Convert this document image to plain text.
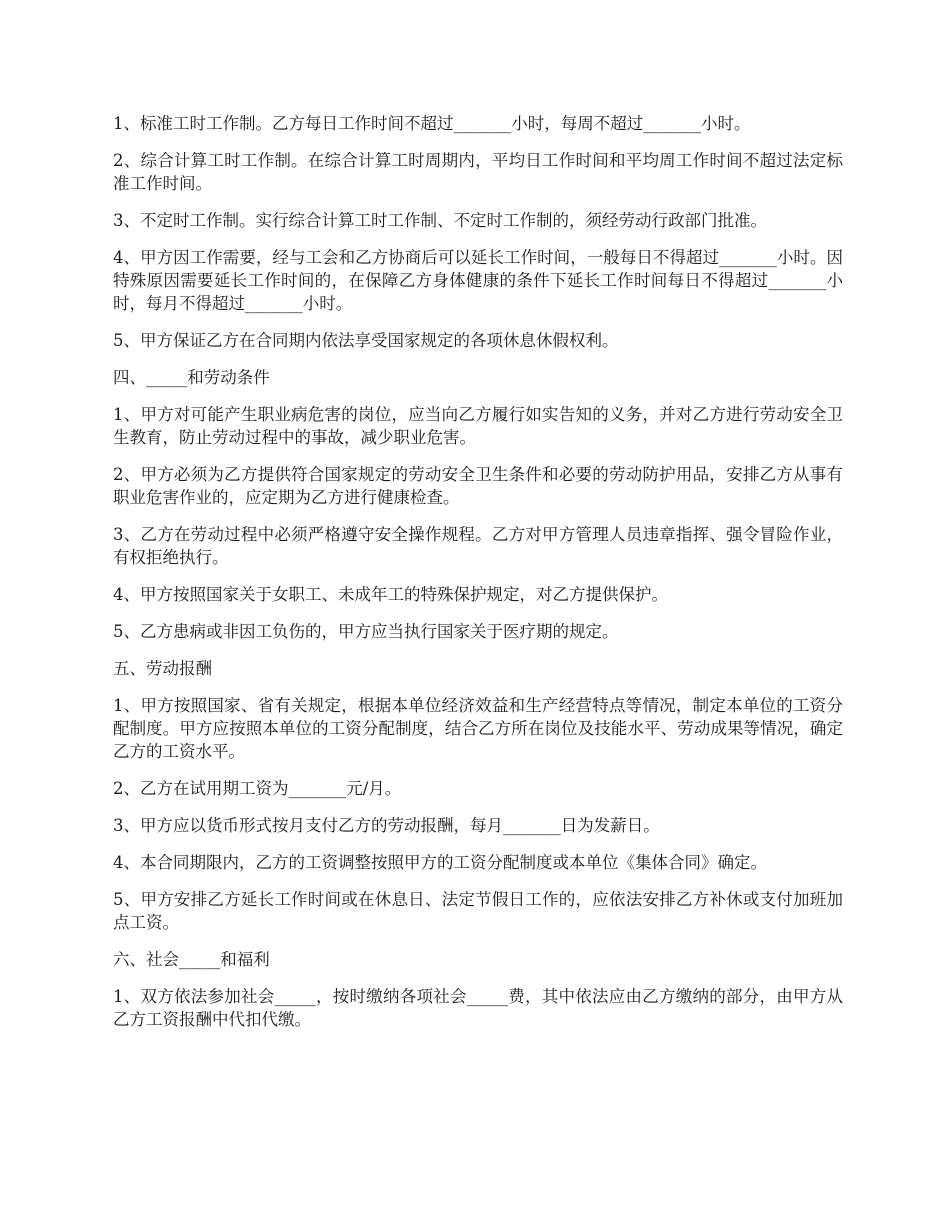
1、标准工时工作制。乙方每日工作时间不超过_______小时，每周不超过_______小时。

2、综合计算工时工作制。在综合计算工时周期内，平均日工作时间和平均周工作时间不超过法定标准工作时间。

3、不定时工作制。实行综合计算工时工作制、不定时工作制的，须经劳动行政部门批准。

4、甲方因工作需要，经与工会和乙方协商后可以延长工作时间，一般每日不得超过_______小时。因特殊原因需要延长工作时间的，在保障乙方身体健康的条件下延长工作时间每日不得超过_______小时，每月不得超过_______小时。

5、甲方保证乙方在合同期内依法享受国家规定的各项休息休假权利。

四、_____和劳动条件

1、甲方对可能产生职业病危害的岗位，应当向乙方履行如实告知的义务，并对乙方进行劳动安全卫生教育，防止劳动过程中的事故，减少职业危害。

2、甲方必须为乙方提供符合国家规定的劳动安全卫生条件和必要的劳动防护用品，安排乙方从事有职业危害作业的，应定期为乙方进行健康检查。

3、乙方在劳动过程中必须严格遵守安全操作规程。乙方对甲方管理人员违章指挥、强令冒险作业，有权拒绝执行。

4、甲方按照国家关于女职工、未成年工的特殊保护规定，对乙方提供保护。

5、乙方患病或非因工负伤的，甲方应当执行国家关于医疗期的规定。

五、劳动报酬

1、甲方按照国家、省有关规定，根据本单位经济效益和生产经营特点等情况，制定本单位的工资分配制度。甲方应按照本单位的工资分配制度，结合乙方所在岗位及技能水平、劳动成果等情况，确定乙方的工资水平。

2、乙方在试用期工资为_______元/月。

3、甲方应以货币形式按月支付乙方的劳动报酬，每月_______日为发薪日。

4、本合同期限内，乙方的工资调整按照甲方的工资分配制度或本单位《集体合同》确定。

5、甲方安排乙方延长工作时间或在休息日、法定节假日工作的，应依法安排乙方补休或支付加班加点工资。

六、社会_____和福利

1、双方依法参加社会_____，按时缴纳各项社会_____费，其中依法应由乙方缴纳的部分，由甲方从乙方工资报酬中代扣代缴。
